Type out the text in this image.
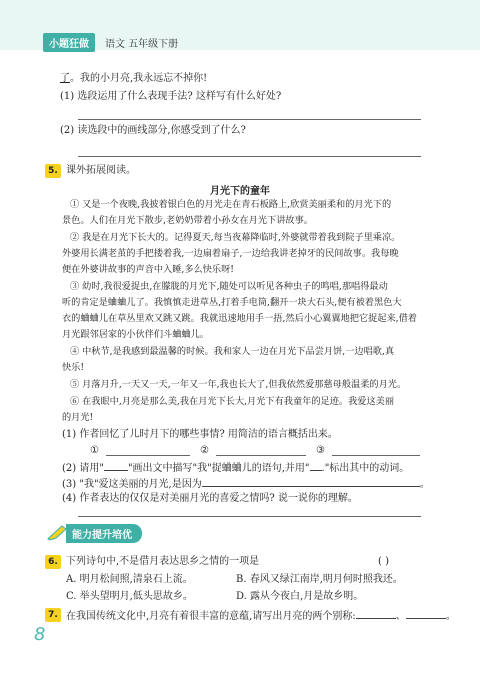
小题狂做	语文 五年级下册
了。我的小月亮,我永远忘不掉你!
(1) 选段运用了什么表现手法? 这样写有什么好处?
(2) 读选段中的画线部分,你感受到了什么?
5. 课外拓展阅读。
月光下的童年
① 又是一个夜晚,我披着银白色的月光走在青石板路上,欣赏美丽柔和的月光下的
景色。人们在月光下散步,老奶奶带着小孙女在月光下讲故事。
② 我是在月光下长大的。记得夏天,每当夜幕降临时,外婆就带着我到院子里乘凉。
外婆用长满老茧的手把搂着我,一边扇着扇子,一边给我讲老掉牙的民间故事。我每晚
便在外婆讲故事的声音中入睡,多么快乐呀!
③ 幼时,我很爱捉虫,在朦胧的月光下,随处可以听见各种虫子的鸣唱,那唱得最动
听的肯定是蛐蛐儿了。我慎慎走进草丛,打着手电筒,翻开一块大石头,便有被着黑色大
衣的蛐蛐儿在草丛里欢又跳又跳。我就迅速地用手一捂,然后小心翼翼地把它捉起来,借着
月光跟邻居家的小伙伴们斗蛐蛐儿。
④ 中秋节,是我感到最温馨的时候。我和家人一边在月光下品尝月饼,一边唱歌,真
快乐!
⑤ 月落月升,一天又一天,一年又一年,我也长大了,但我依然爱那慈母般温柔的月光。
⑥ 在我眼中,月亮是那么美,我在月光下长大,月光下有我童年的足迹。我爱这美丽
的月光!
(1) 作者回忆了儿时月下的哪些事情? 用简洁的语言概括出来。
①	②	③
(2) 请用" "画出文中描写"我"捉蛐蛐儿的语句,并用" ."标出其中的动词。
(3) "我"爱这美丽的月光,是因为	。
(4) 作者表达的仅仅是对美丽月光的喜爱之情吗? 说一说你的理解。
能力提升培优
6. 下列诗句中,不是借月表达思乡之情的一项是	( )
A. 明月松间照,清泉石上流。	B. 春风又绿江南岸,明月何时照我还。
C. 举头望明月,低头思故乡。	D. 露从今夜白,月是故乡明。
7. 在我国传统文化中,月亮有着很丰富的意蕴,请写出月亮的两个别称:	、	。
8
